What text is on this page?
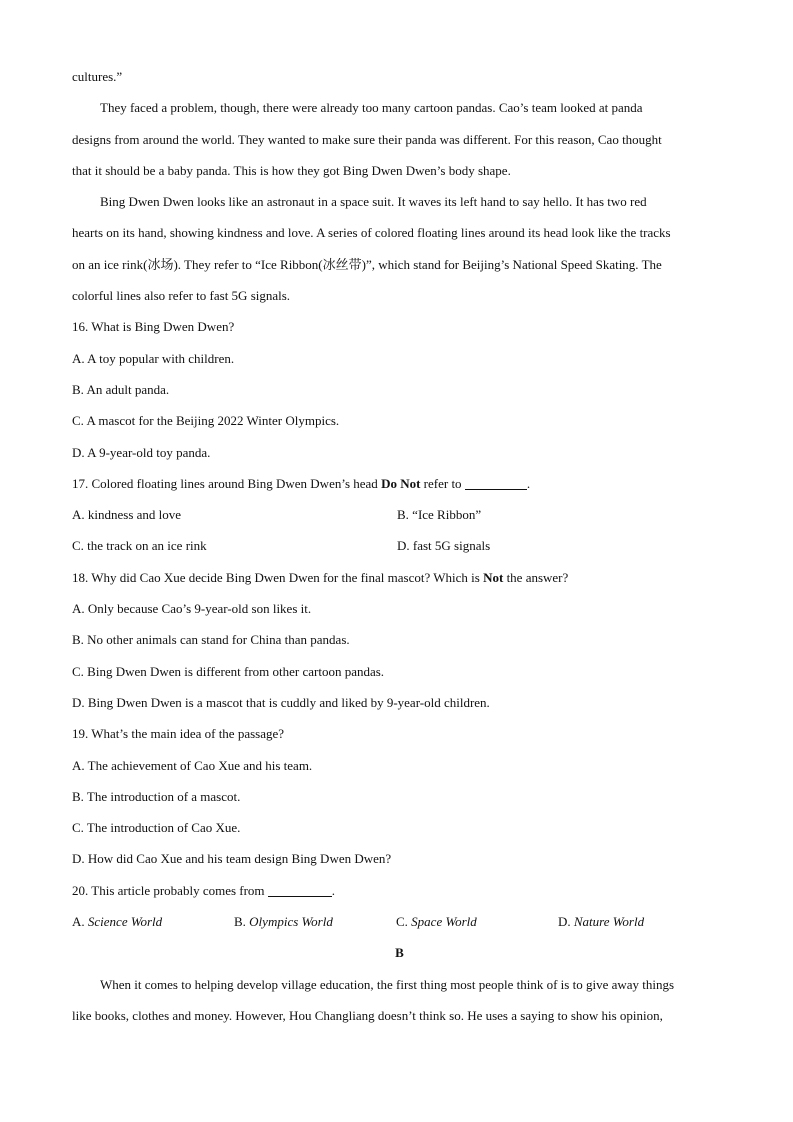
cultures.”
They faced a problem, though, there were already too many cartoon pandas. Cao’s team looked at panda
designs from around the world. They wanted to make sure their panda was different. For this reason, Cao thought
that it should be a baby panda. This is how they got Bing Dwen Dwen’s body shape.
Bing Dwen Dwen looks like an astronaut in a space suit. It waves its left hand to say hello. It has two red
hearts on its hand, showing kindness and love. A series of colored floating lines around its head look like the tracks
on an ice rink(冰场). They refer to “Ice Ribbon(冰丝带)”, which stand for Beijing’s National Speed Skating. The
colorful lines also refer to fast 5G signals.
16. What is Bing Dwen Dwen?
A. A toy popular with children.
B. An adult panda.
C. A mascot for the Beijing 2022 Winter Olympics.
D. A 9-year-old toy panda.
17. Colored floating lines around Bing Dwen Dwen’s head Do Not refer to	.
A. kindness and love	B. “Ice Ribbon”
C. the track on an ice rink	D. fast 5G signals
18. Why did Cao Xue decide Bing Dwen Dwen for the final mascot? Which is Not the answer?
A. Only because Cao’s 9-year-old son likes it.
B. No other animals can stand for China than pandas.
C. Bing Dwen Dwen is different from other cartoon pandas.
D. Bing Dwen Dwen is a mascot that is cuddly and liked by 9-year-old children.
19. What’s the main idea of the passage?
A. The achievement of Cao Xue and his team.
B. The introduction of a mascot.
C. The introduction of Cao Xue.
D. How did Cao Xue and his team design Bing Dwen Dwen?
20. This article probably comes from	.
A. Science World	B. Olympics World	C. Space World	D. Nature World
B
When it comes to helping develop village education, the first thing most people think of is to give away things
like books, clothes and money. However, Hou Changliang doesn’t think so. He uses a saying to show his opinion,
